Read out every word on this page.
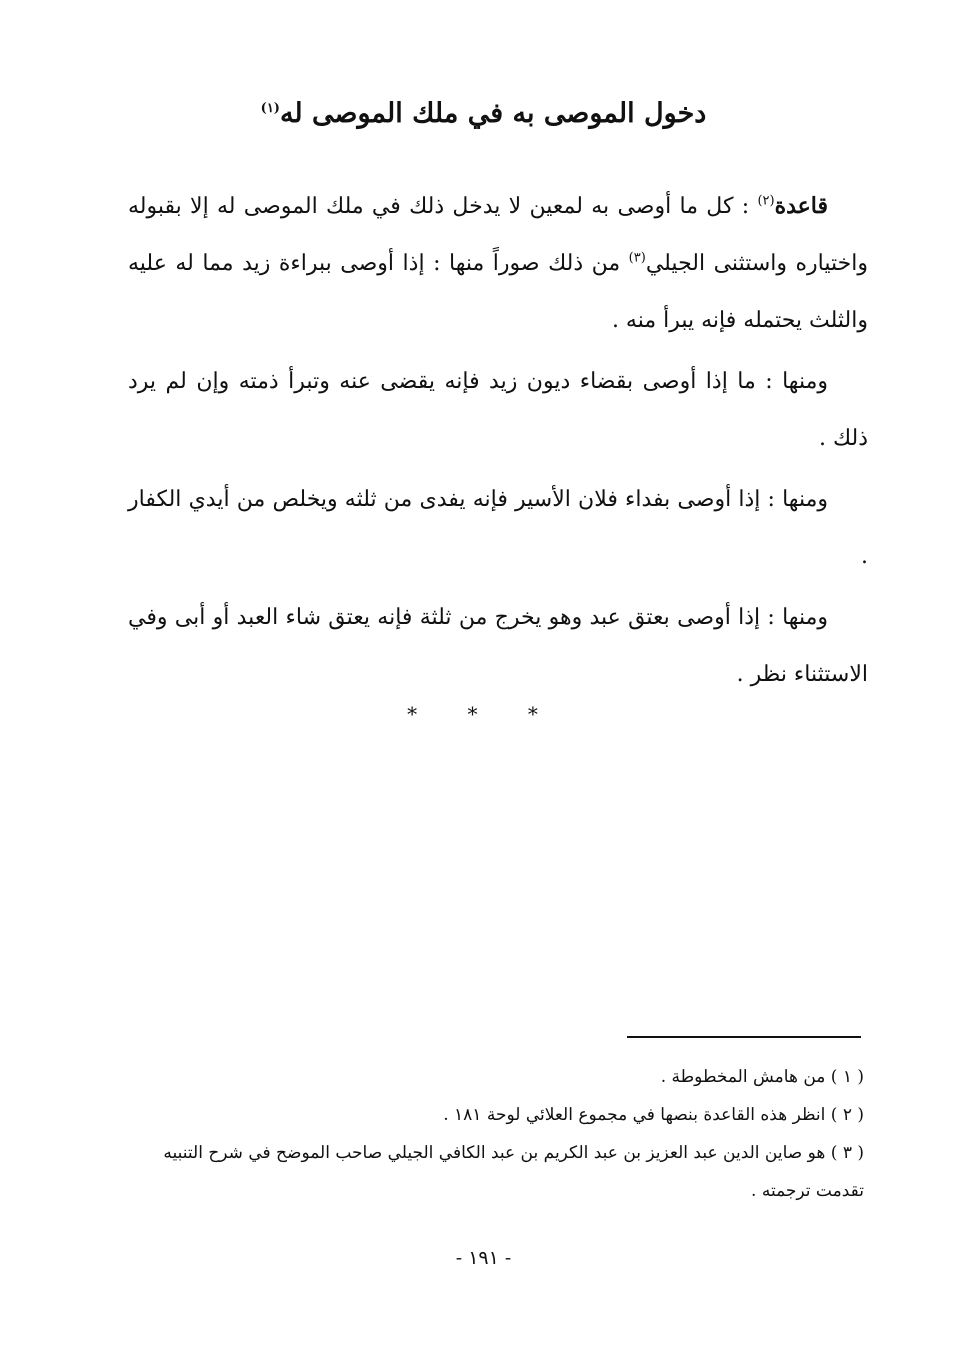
دخول الموصى به في ملك الموصى له$^{(١)}$

قاعدة$^{(٢)}$ : كل ما أوصى به لمعين لا يدخل ذلك في ملك الموصى له إلا بقبوله واختياره واستثنى الجيلي$^{(٣)}$ من ذلك صوراً منها : إذا أوصى ببراءة زيد مما له عليه والثلث يحتمله فإنه يبرأ منه .

ومنها : ما إذا أوصى بقضاء ديون زيد فإنه يقضى عنه وتبرأ ذمته وإن لم يرد ذلك .

ومنها : إذا أوصى بفداء فلان الأسير فإنه يفدى من ثلثه ويخلص من أيدي الكفار .

ومنها : إذا أوصى بعتق عبد وهو يخرج من ثلثة فإنه يعتق شاء العبد أو أبى وفي الاستثناء نظر .

* * *

( ١ ) من هامش المخطوطة .

( ٢ ) انظر هذه القاعدة بنصها في مجموع العلائي لوحة ١٨١ .

( ٣ ) هو صاين الدين عبد العزيز بن عبد الكريم بن عبد الكافي الجيلي صاحب الموضح في شرح التنبيه تقدمت ترجمته .

- ١٩١ -
